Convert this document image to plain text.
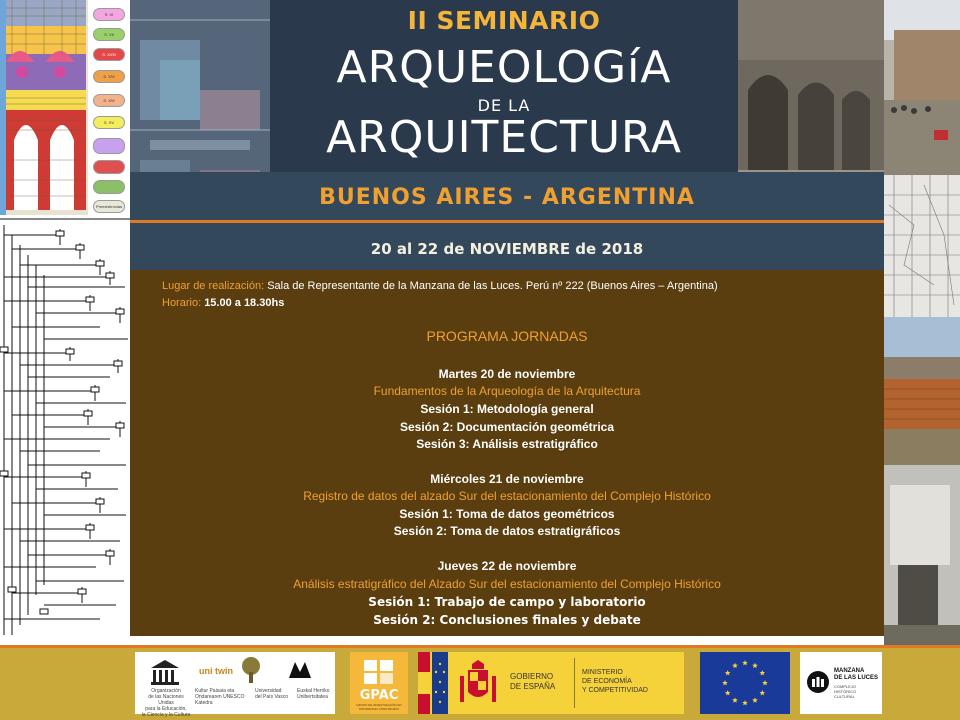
S. VI
S. VII
S. XVIII
S. XVI
S. XVI
S. XV
Preexistencias
II SEMINARIO
ARQUEOLOGíA
DE LA
ARQUITECTURA
BUENOS AIRES - ARGENTINA
20 al 22 de NOVIEMBRE de 2018
Lugar de realización: Sala de Representante de la Manzana de las Luces. Perú nº 222 (Buenos Aires – Argentina)
Horario: 15.00 a 18.30hs
PROGRAMA JORNADAS
Martes 20 de noviembre
Fundamentos de la Arqueología de la Arquitectura
Sesión 1: Metodología general
Sesión 2: Documentación geométrica
Sesión 3: Análisis estratigráfico
Miércoles 21 de noviembre
Registro de datos del alzado Sur del estacionamiento del Complejo Histórico
Sesión 1: Toma de datos geométricos
Sesión 2: Toma de datos estratigráficos
Jueves 22 de noviembre
Análisis estratigráfico del Alzado Sur del estacionamiento del Complejo Histórico
Sesión 1: Trabajo de campo y laboratorio
Sesión 2: Conclusiones finales y debate
Organización
de las Naciones Unidas
para la Educación,
la Ciencia y la Cultura
uni twin
Kultur Paisaia eta
Ondarearen UNESCO Katedra
Universidad
del País Vasco
Euskal Herriko
Unibertsitatea	GPAC
GRUPO DE INVESTIGACIÓN EN
PATRIMONIO CONSTRUIDO
GOBIERNO
DE ESPAÑA
MINISTERIO
DE ECONOMÍA
Y COMPETITIVIDAD
MANZANA
DE LAS LUCES
COMPLEJO
HISTÓRICO
CULTURAL
